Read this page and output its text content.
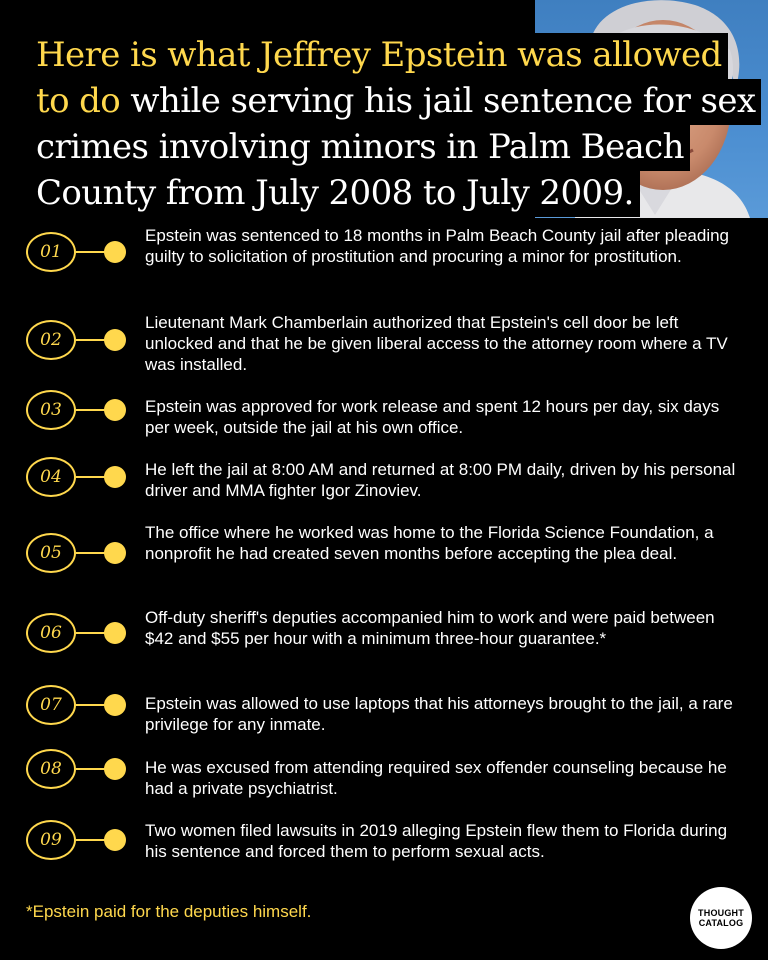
Here is what Jeffrey Epstein was allowed
to do while serving his jail sentence for sex
crimes involving minors in Palm Beach
County from July 2008 to July 2009.
01

Epstein was sentenced to 18 months in Palm Beach County jail after pleading guilty to solicitation of prostitution and procuring a minor for prostitution.

02

Lieutenant Mark Chamberlain authorized that Epstein's cell door be left unlocked and that he be given liberal access to the attorney room where a TV was installed.

03	Epstein was approved for work release and spent 12 hours per day, six days per week, outside the jail at his own office.

04	He left the jail at 8:00 AM and returned at 8:00 PM daily, driven by his personal driver and MMA fighter Igor Zinoviev.

05

The office where he worked was home to the Florida Science Foundation, a nonprofit he had created seven months before accepting the plea deal.

06

Off-duty sheriff's deputies accompanied him to work and were paid between $42 and $55 per hour with a minimum three-hour guarantee.*

07	Epstein was allowed to use laptops that his attorneys brought to the jail, a rare privilege for any inmate.

08	He was excused from attending required sex offender counseling because he had a private psychiatrist.

09	Two women filed lawsuits in 2019 alleging Epstein flew them to Florida during his sentence and forced them to perform sexual acts.

*Epstein paid for the deputies himself.	THOUGHT
CATALOG
